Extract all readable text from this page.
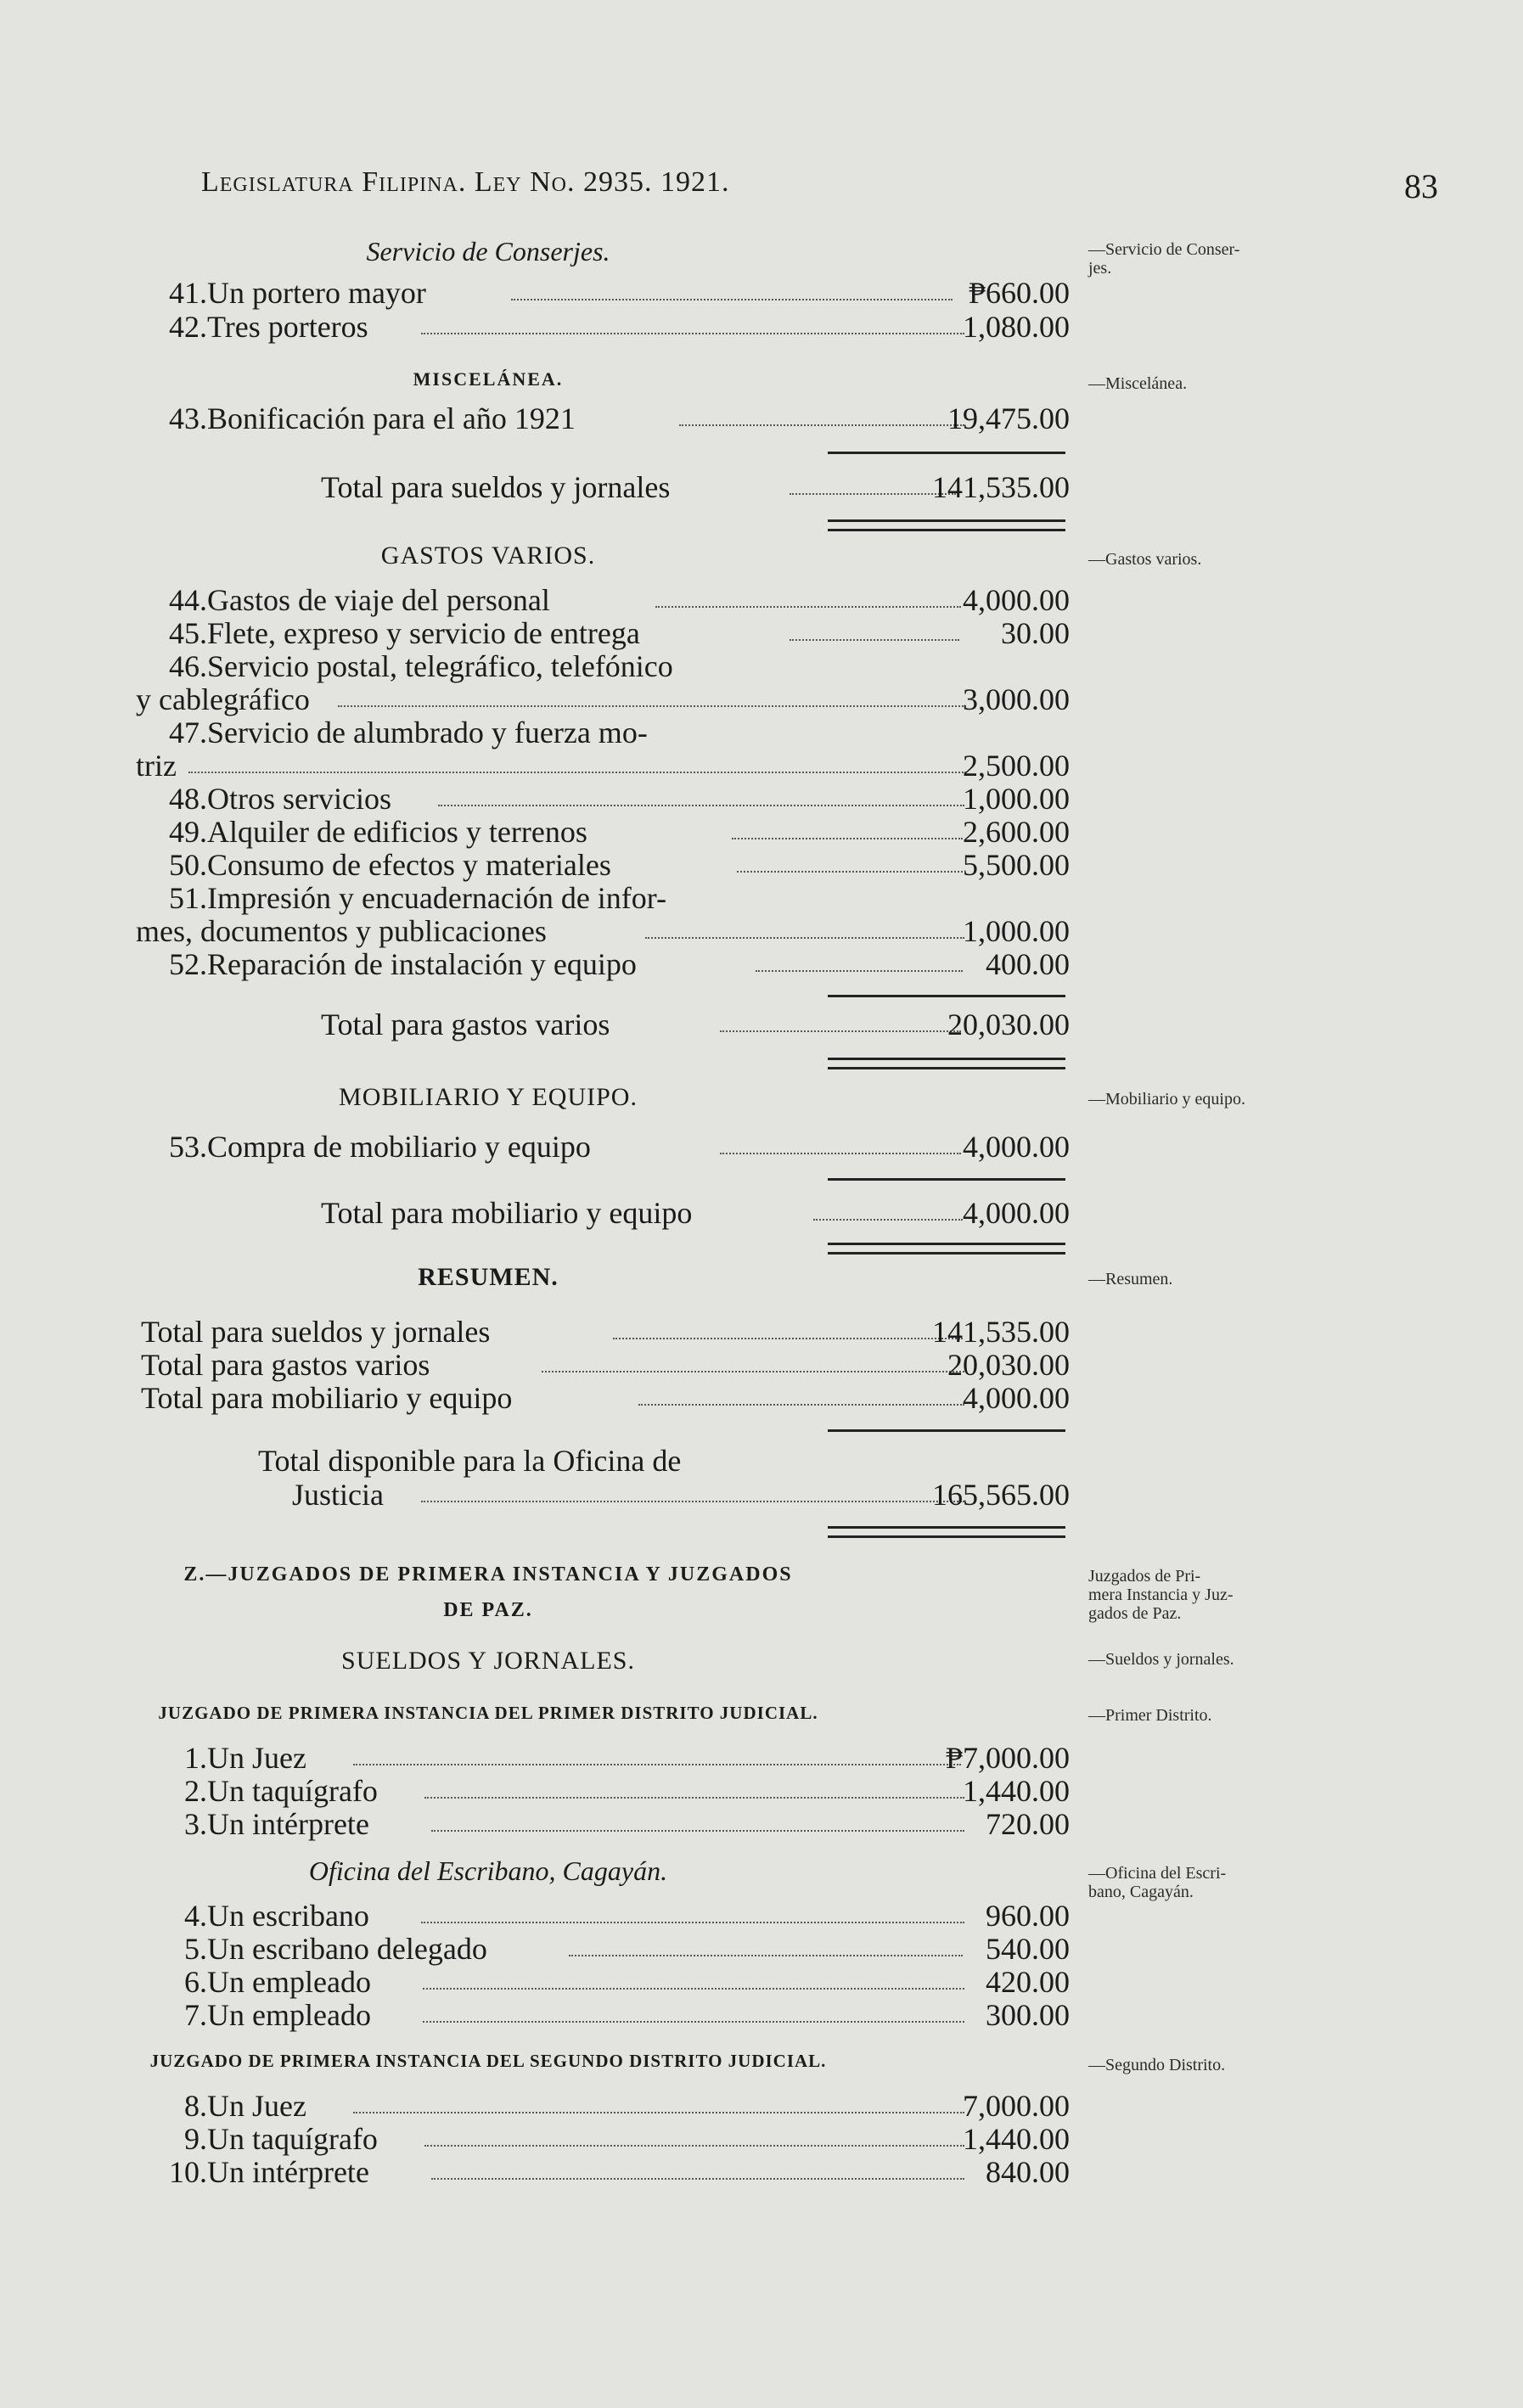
Legislatura Filipina. Ley No. 2935. 1921.	83
Servicio de Conserjes.	—Servicio de Conser-
jes.
41. Un portero mayor	₱660.00
42. Tres porteros	1,080.00
MISCELÁNEA.	—Miscelánea.
43. Bonificación para el año 1921	19,475.00
Total para sueldos y jornales	141,535.00
GASTOS VARIOS.	—Gastos varios.
44. Gastos de viaje del personal	4,000.00
45. Flete, expreso y servicio de entrega	30.00
46. Servicio postal, telegráfico, telefónico
y cablegráfico	3,000.00
47. Servicio de alumbrado y fuerza mo-
triz	2,500.00
48. Otros servicios	1,000.00
49. Alquiler de edificios y terrenos	2,600.00
50. Consumo de efectos y materiales	5,500.00
51. Impresión y encuadernación de infor-
mes, documentos y publicaciones	1,000.00
52. Reparación de instalación y equipo	400.00
Total para gastos varios	20,030.00
MOBILIARIO Y EQUIPO.	—Mobiliario y equipo.
53. Compra de mobiliario y equipo	4,000.00
Total para mobiliario y equipo	4,000.00
RESUMEN.	—Resumen.
Total para sueldos y jornales	141,535.00
Total para gastos varios	20,030.00
Total para mobiliario y equipo	4,000.00
Total disponible para la Oficina de
Justicia	165,565.00
Z.—JUZGADOS DE PRIMERA INSTANCIA Y JUZGADOS
DE PAZ.
Juzgados de Pri-
mera Instancia y Juz-
gados de Paz.
SUELDOS Y JORNALES.	—Sueldos y jornales.
JUZGADO DE PRIMERA INSTANCIA DEL PRIMER DISTRITO JUDICIAL.	—Primer Distrito.
1. Un Juez	₱7,000.00
2. Un taquígrafo	1,440.00
3. Un intérprete	720.00
Oficina del Escribano, Cagayán.	—Oficina del Escri-
bano, Cagayán.
4. Un escribano	960.00
5. Un escribano delegado	540.00
6. Un empleado	420.00
7. Un empleado	300.00
JUZGADO DE PRIMERA INSTANCIA DEL SEGUNDO DISTRITO JUDICIAL.	—Segundo Distrito.
8. Un Juez	7,000.00
9. Un taquígrafo	1,440.00
10. Un intérprete	840.00
